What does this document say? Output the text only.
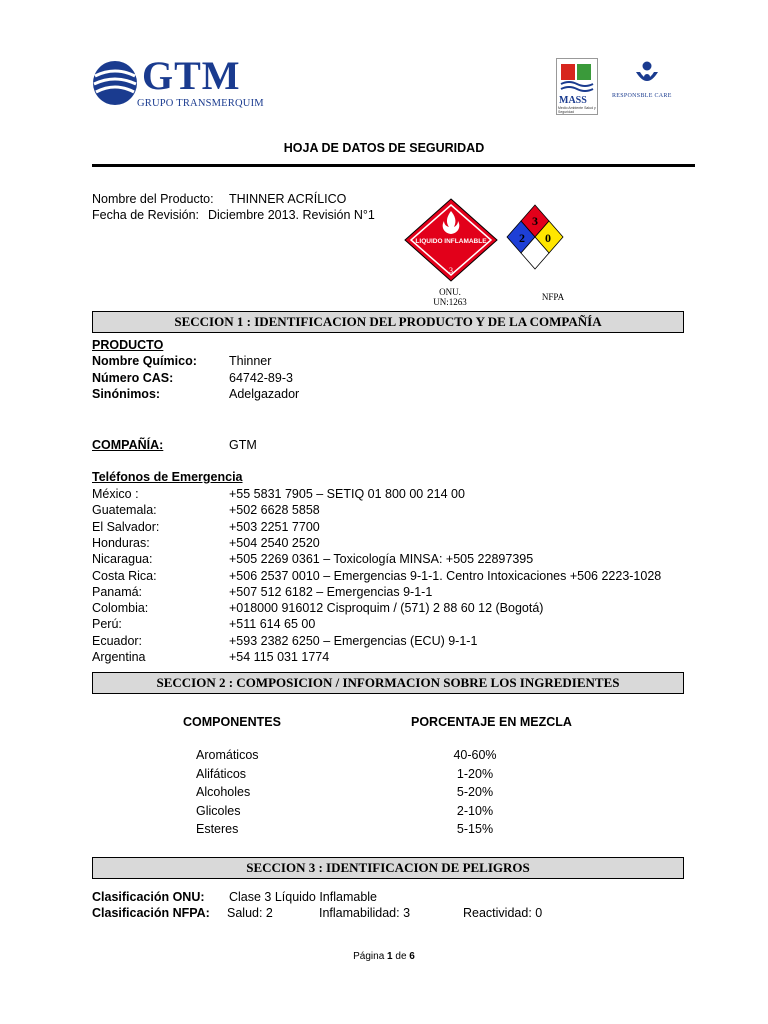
GTM
GRUPO TRANSMERQUIM	MASS
Medio Ambiente Salud y Seguridad
RESPONSBLE CARE
HOJA DE DATOS DE SEGURIDAD
Nombre del Producto: THINNER ACRÍLICO
Fecha de Revisión: Diciembre 2013. Revisión N°1
LIQUIDO INFLAMABLE
3
ONU.
UN:1263
3
2 0
NFPA
SECCION 1 : IDENTIFICACION DEL PRODUCTO Y DE LA COMPAÑÍA
PRODUCTO
Nombre Químico:	Thinner
Número CAS:	64742-89-3
Sinónimos:	Adelgazador
COMPAÑÍA:	GTM
Teléfonos de Emergencia
México :	+55 5831 7905 – SETIQ 01 800 00 214 00
Guatemala:	+502 6628 5858
El Salvador:	+503 2251 7700
Honduras:	+504 2540 2520
Nicaragua:	+505 2269 0361 – Toxicología MINSA: +505 22897395
Costa Rica:	+506 2537 0010 – Emergencias 9-1-1. Centro Intoxicaciones +506 2223-1028
Panamá:	+507 512 6182 – Emergencias 9-1-1
Colombia:	+018000 916012 Cisproquim / (571) 2 88 60 12 (Bogotá)
Perú:	+511 614 65 00
Ecuador:	+593 2382 6250 – Emergencias (ECU) 9-1-1
Argentina	+54 115 031 1774
SECCION 2 : COMPOSICION / INFORMACION SOBRE LOS INGREDIENTES
COMPONENTES	PORCENTAJE EN MEZCLA
Aromáticos	40-60%
Alifáticos	1-20%
Alcoholes	5-20%
Glicoles	2-10%
Esteres	5-15%
SECCION 3 : IDENTIFICACION DE PELIGROS
Clasificación ONU: Clase 3 Líquido Inflamable
Clasificación NFPA: Salud: 2	Inflamabilidad: 3	Reactividad: 0
Página 1 de 6
